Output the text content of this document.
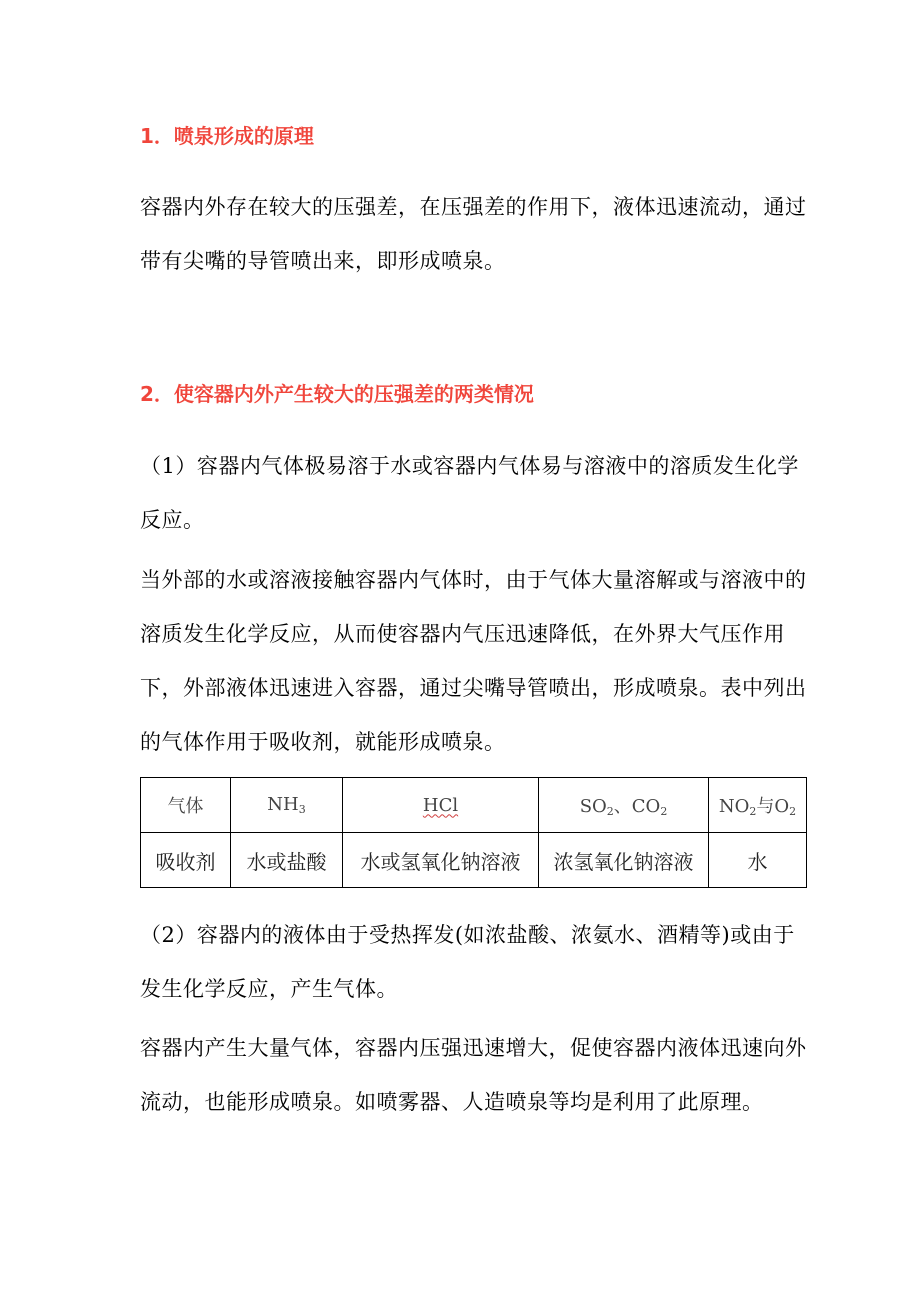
1．喷泉形成的原理

容器内外存在较大的压强差，在压强差的作用下，液体迅速流动，通过带有尖嘴的导管喷出来，即形成喷泉。

2．使容器内外产生较大的压强差的两类情况

（1）容器内气体极易溶于水或容器内气体易与溶液中的溶质发生化学反应。

当外部的水或溶液接触容器内气体时，由于气体大量溶解或与溶液中的溶质发生化学反应，从而使容器内气压迅速降低，在外界大气压作用下，外部液体迅速进入容器，通过尖嘴导管喷出，形成喷泉。表中列出的气体作用于吸收剂，就能形成喷泉。

气体	$NH_3$	HCl	$SO_2$、$CO_2$	$NO_2$与$O_2$
吸收剂	水或盐酸	水或氢氧化钠溶液	浓氢氧化钠溶液	水

（2）容器内的液体由于受热挥发(如浓盐酸、浓氨水、酒精等)或由于发生化学反应，产生气体。

容器内产生大量气体，容器内压强迅速增大，促使容器内液体迅速向外流动，也能形成喷泉。如喷雾器、人造喷泉等均是利用了此原理。
